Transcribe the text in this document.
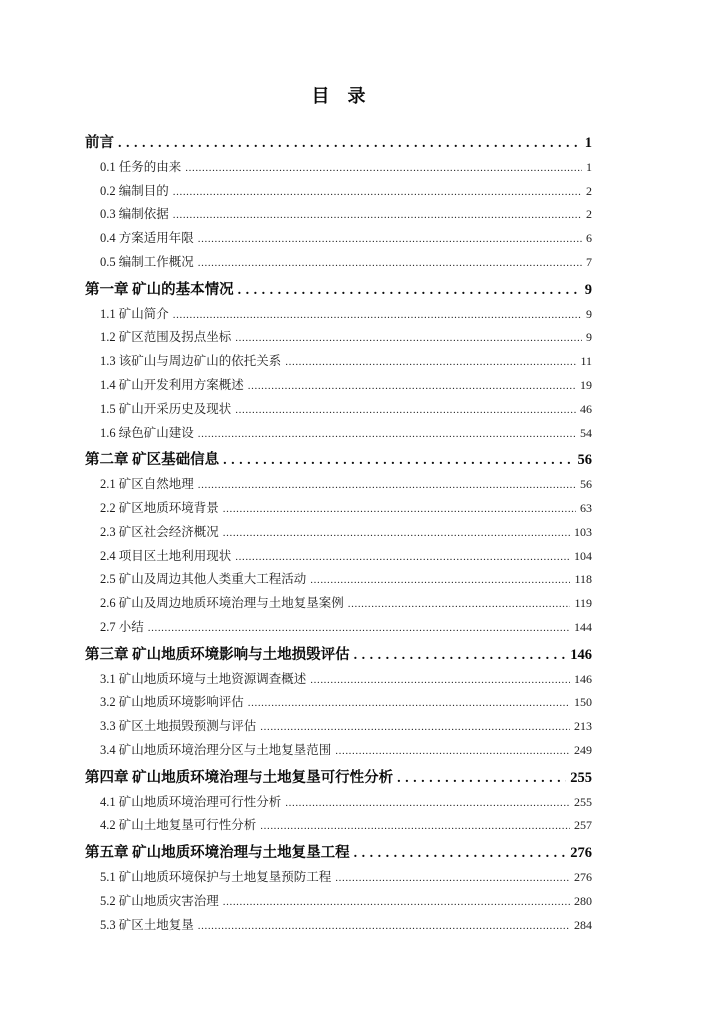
目　录
前言 .....	1
0.1 任务的由来 .....	1
0.2 编制目的 .....	2
0.3 编制依据 .....	2
0.4 方案适用年限 .....	6
0.5 编制工作概况 .....	7
第一章 矿山的基本情况 .....	9
1.1 矿山简介 .....	9
1.2 矿区范围及拐点坐标 .....	9
1.3 该矿山与周边矿山的依托关系 .....	11
1.4 矿山开发利用方案概述 .....	19
1.5 矿山开采历史及现状 .....	46
1.6 绿色矿山建设 .....	54
第二章 矿区基础信息 .....	56
2.1 矿区自然地理 .....	56
2.2 矿区地质环境背景 .....	63
2.3 矿区社会经济概况 .....	103
2.4 项目区土地利用现状 .....	104
2.5 矿山及周边其他人类重大工程活动 .....	118
2.6 矿山及周边地质环境治理与土地复垦案例 .....	119
2.7 小结 .....	144
第三章 矿山地质环境影响与土地损毁评估 .....	146
3.1 矿山地质环境与土地资源调查概述 .....	146
3.2 矿山地质环境影响评估 .....	150
3.3 矿区土地损毁预测与评估 .....	213
3.4 矿山地质环境治理分区与土地复垦范围 .....	249
第四章 矿山地质环境治理与土地复垦可行性分析 .....	255
4.1 矿山地质环境治理可行性分析 .....	255
4.2 矿山土地复垦可行性分析 .....	257
第五章 矿山地质环境治理与土地复垦工程 .....	276
5.1 矿山地质环境保护与土地复垦预防工程 .....	276
5.2 矿山地质灾害治理 .....	280
5.3 矿区土地复垦 .....	284
